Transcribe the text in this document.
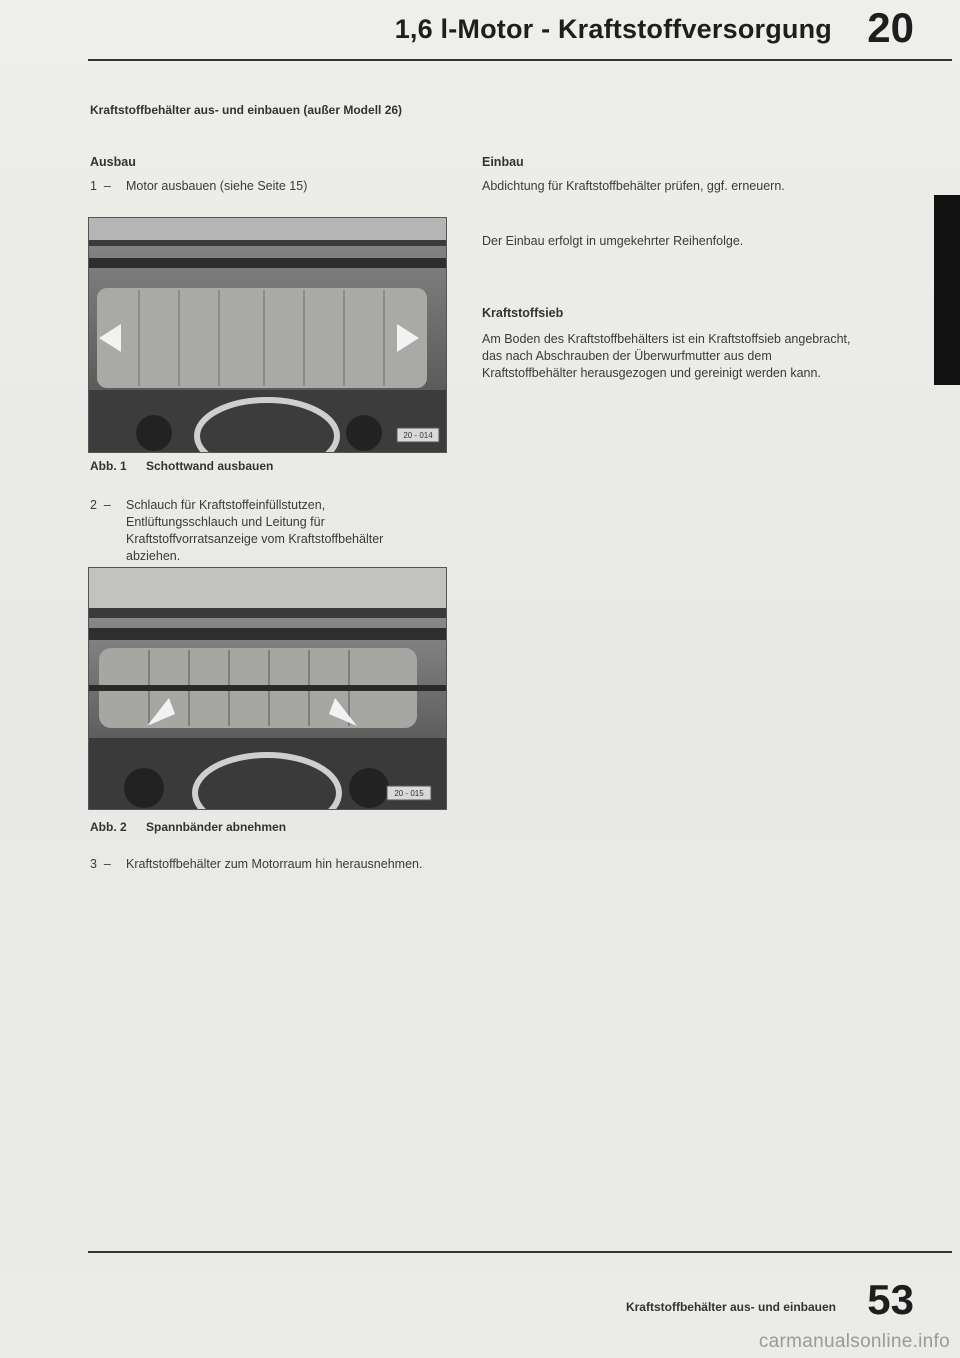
1,6 l-Motor - Kraftstoffversorgung 20
Kraftstoffbehälter aus- und einbauen (außer Modell 26)
Ausbau
1  –	Motor ausbauen (siehe Seite 15)
20 - 014
Abb. 1 Schottwand ausbauen
2  –	Schlauch für Kraftstoffeinfüllstutzen, Entlüftungsschlauch und Leitung für Kraftstoffvorratsanzeige vom Kraftstoffbehälter abziehen.
20 - 015
Abb. 2 Spannbänder abnehmen
3  –	Kraftstoffbehälter zum Motorraum hin herausnehmen.
Einbau
Abdichtung für Kraftstoffbehälter prüfen, ggf. erneuern.
Der Einbau erfolgt in umgekehrter Reihenfolge.
Kraftstoffsieb
Am Boden des Kraftstoffbehälters ist ein Kraftstoffsieb angebracht, das nach Abschrauben der Überwurfmutter aus dem Kraftstoffbehälter herausgezogen und gereinigt werden kann.
Kraftstoffbehälter aus- und einbauen 53
carmanualsonline.info
